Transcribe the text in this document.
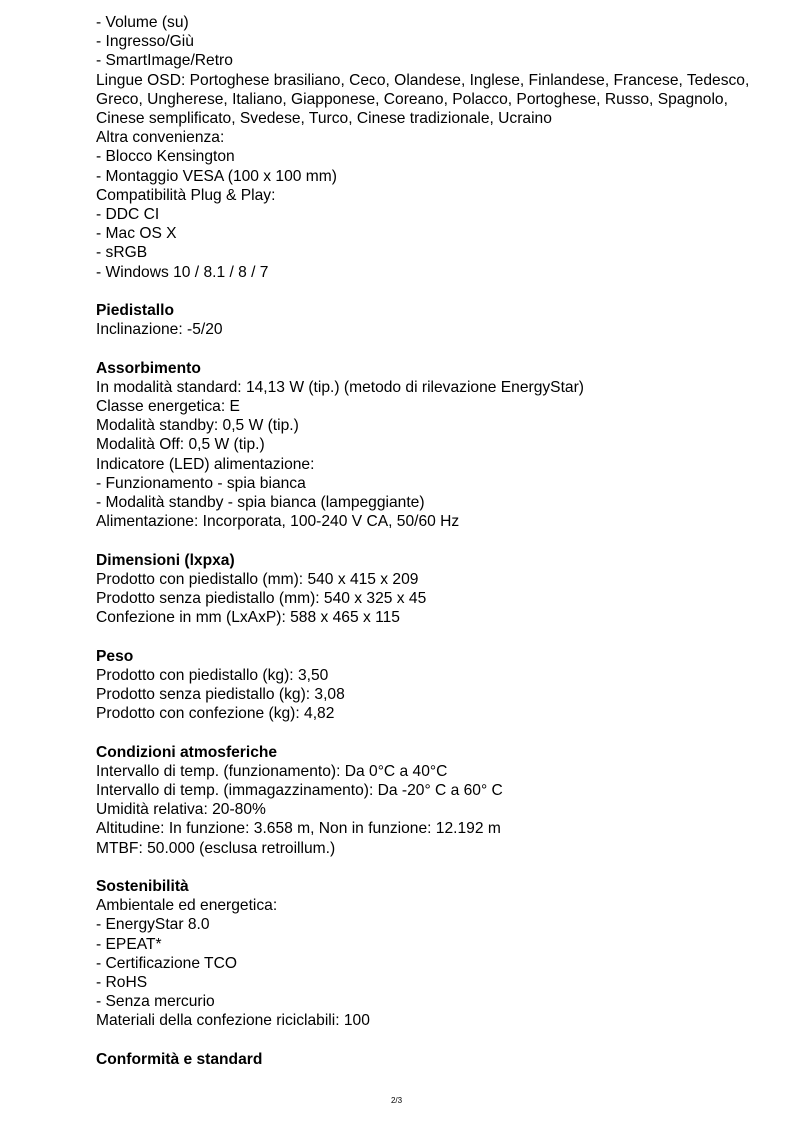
- Volume (su)
- Ingresso/Giù
- SmartImage/Retro
Lingue OSD: Portoghese brasiliano, Ceco, Olandese, Inglese, Finlandese, Francese, Tedesco, Greco, Ungherese, Italiano, Giapponese, Coreano, Polacco, Portoghese, Russo, Spagnolo, Cinese semplificato, Svedese, Turco, Cinese tradizionale, Ucraino
Altra convenienza:
- Blocco Kensington
- Montaggio VESA (100 x 100 mm)
Compatibilità Plug & Play:
- DDC CI
- Mac OS X
- sRGB
- Windows 10 / 8.1 / 8 / 7
Piedistallo
Inclinazione: -5/20
Assorbimento
In modalità standard: 14,13 W (tip.) (metodo di rilevazione EnergyStar)
Classe energetica: E
Modalità standby: 0,5 W (tip.)
Modalità Off: 0,5 W (tip.)
Indicatore (LED) alimentazione:
- Funzionamento - spia bianca
- Modalità standby - spia bianca (lampeggiante)
Alimentazione: Incorporata, 100-240 V CA, 50/60 Hz
Dimensioni (lxpxa)
Prodotto con piedistallo (mm): 540 x 415 x 209
Prodotto senza piedistallo (mm): 540 x 325 x 45
Confezione in mm (LxAxP): 588 x 465 x 115
Peso
Prodotto con piedistallo (kg): 3,50
Prodotto senza piedistallo (kg): 3,08
Prodotto con confezione (kg): 4,82
Condizioni atmosferiche
Intervallo di temp. (funzionamento): Da 0°C a 40°C
Intervallo di temp. (immagazzinamento): Da -20° C a 60° C
Umidità relativa: 20-80%
Altitudine: In funzione: 3.658 m, Non in funzione: 12.192 m
MTBF: 50.000 (esclusa retroillum.)
Sostenibilità
Ambientale ed energetica:
- EnergyStar 8.0
- EPEAT*
- Certificazione TCO
- RoHS
- Senza mercurio
Materiali della confezione riciclabili: 100
Conformità e standard
2/3
